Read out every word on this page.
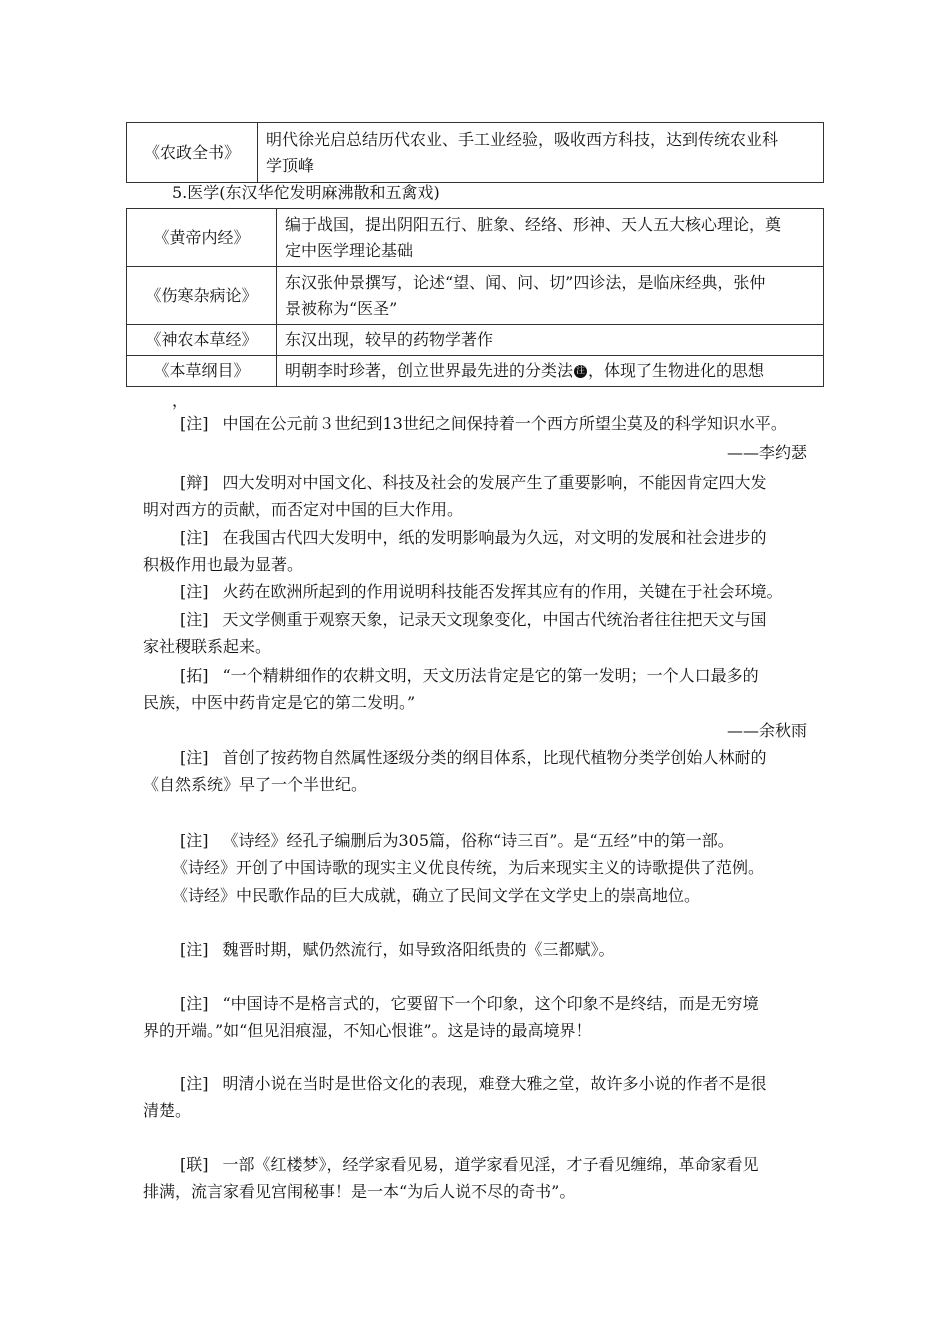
《农政全书》	明代徐光启总结历代农业、手工业经验，吸收西方科技，达到传统农业科
学顶峰
5.医学(东汉华佗发明麻沸散和五禽戏)
《黄帝内经》	编于战国，提出阴阳五行、脏象、经络、形神、天人五大核心理论，奠
定中医学理论基础
《伤寒杂病论》	东汉张仲景撰写，论述“望、闻、问、切”四诊法，是临床经典，张仲
景被称为“医圣”
《神农本草经》	东汉出现，较早的药物学著作
《本草纲目》	明朝李时珍著，创立世界最先进的分类法 注 ，体现了生物进化的思想
，
[注] 中国在公元前３世纪到13世纪之间保持着一个西方所望尘莫及的科学知识水平。
——李约瑟
[辩] 四大发明对中国文化、科技及社会的发展产生了重要影响，不能因肯定四大发
明对西方的贡献，而否定对中国的巨大作用。
[注] 在我国古代四大发明中，纸的发明影响最为久远，对文明的发展和社会进步的
积极作用也最为显著。
[注] 火药在欧洲所起到的作用说明科技能否发挥其应有的作用，关键在于社会环境。
[注] 天文学侧重于观察天象，记录天文现象变化，中国古代统治者往往把天文与国
家社稷联系起来。
[拓] “一个精耕细作的农耕文明，天文历法肯定是它的第一发明；一个人口最多的
民族，中医中药肯定是它的第二发明。”
——余秋雨
[注] 首创了按药物自然属性逐级分类的纲目体系，比现代植物分类学创始人林耐的
《自然系统》早了一个半世纪。
[注] 《诗经》经孔子编删后为305篇，俗称“诗三百”。是“五经”中的第一部。
《诗经》开创了中国诗歌的现实主义优良传统，为后来现实主义的诗歌提供了范例。
《诗经》中民歌作品的巨大成就，确立了民间文学在文学史上的崇高地位。
[注] 魏晋时期，赋仍然流行，如导致洛阳纸贵的《三都赋》。
[注] “中国诗不是格言式的，它要留下一个印象，这个印象不是终结，而是无穷境
界的开端。”如“但见泪痕湿，不知心恨谁”。这是诗的最高境界！
[注] 明清小说在当时是世俗文化的表现，难登大雅之堂，故许多小说的作者不是很
清楚。
[联] 一部《红楼梦》，经学家看见易，道学家看见淫，才子看见缠绵，革命家看见
排满，流言家看见宫闱秘事！是一本“为后人说不尽的奇书”。
